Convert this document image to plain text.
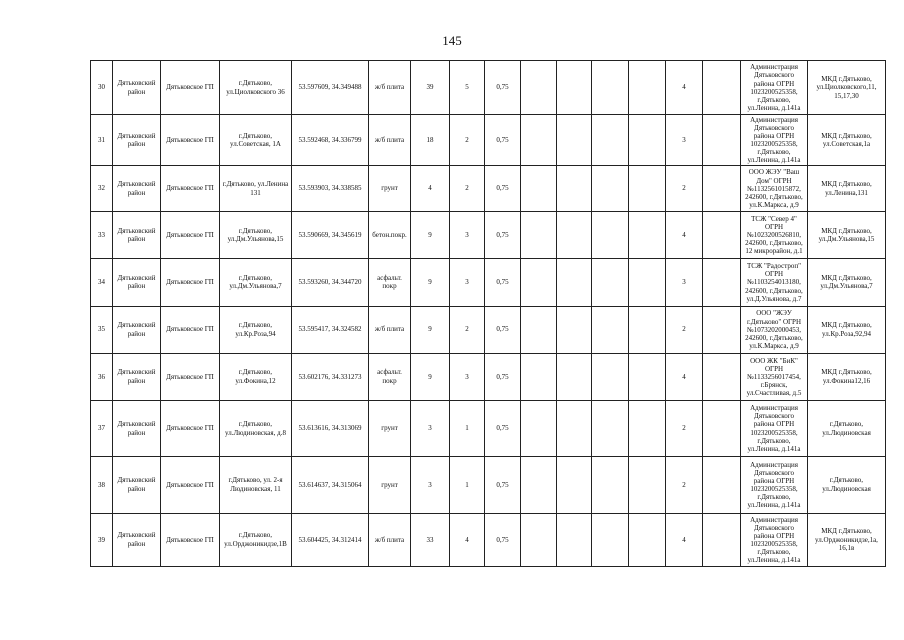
145
30	Дятьковский район	Дятьковское ГП	г.Дятьково, ул.Циолковского 36	53.597609, 34.349488	ж/б плита	39	5	0,75					4		Администрация Дятьковского района ОГРН 1023200525358, г.Дятьково, ул.Ленина, д.141а	МКД г.Дятьково, ул.Циолковского,11, 15,17,30
31	Дятьковский район	Дятьковское ГП	г.Дятьково, ул.Советская, 1А	53.592468, 34.336799	ж/б плита	18	2	0,75					3		Администрация Дятьковского района ОГРН 1023200525358, г.Дятьково, ул.Ленина, д.141а	МКД г.Дятьково, ул.Советская,1а
32	Дятьковский район	Дятьковское ГП	г.Дятьково, ул.Ленина 131	53.593903, 34.338585	грунт	4	2	0,75					2		ООО ЖЭУ "Ваш Дом" ОГРН №1132561015872, 242600, г.Дятьково, ул.К.Маркса, д.9	МКД г.Дятьково, ул.Ленина,131
33	Дятьковский район	Дятьковское ГП	г.Дятьково, ул.Дм.Ульянова,15	53.590669, 34.345619	бетон.покр.	9	3	0,75					4		ТСЖ "Север 4" ОГРН №1023200526810, 242600, г.Дятьково, 12 микрорайон, д.1	МКД г.Дятьково, ул.Дм.Ульянова,15
34	Дятьковский район	Дятьковское ГП	г.Дятьково, ул.Дм.Ульянова,7	53.593260, 34.344720	асфальт. покр	9	3	0,75					3		ТСЖ "Радостроп" ОГРН №1103254013180, 242600, г.Дятьково, ул.Д.Ульянова, д.7	МКД г.Дятьково, ул.Дм.Ульянова,7
35	Дятьковский район	Дятьковское ГП	г.Дятьково, ул.Кр.Роза,94	53.595417, 34.324582	ж/б плита	9	2	0,75					2		ООО "ЖЭУ г.Дятьково" ОГРН №1073202000453, 242600, г.Дятьково, ул.К.Маркса, д.9	МКД г.Дятьково, ул.Кр.Роза,92,94
36	Дятьковский район	Дятьковское ГП	г.Дятьково, ул.Фокина,12	53.602176, 34.331273	асфальт. покр	9	3	0,75					4		ООО ЖК "БиК" ОГРН №1133256017454, г.Брянск, ул.Счастливая, д.5	МКД г.Дятьково, ул.Фокина12,16
37	Дятьковский район	Дятьковское ГП	г.Дятьково, ул.Людиновская, д.8	53.613616, 34.313069	грунт	3	1	0,75					2		Администрация Дятьковского района ОГРН 1023200525358, г.Дятьково, ул.Ленина, д.141а	г.Дятьково, ул.Людиновская
38	Дятьковский район	Дятьковское ГП	г.Дятьково, ул. 2-я Людиновская, 11	53.614637, 34.315064	грунт	3	1	0,75					2		Администрация Дятьковского района ОГРН 1023200525358, г.Дятьково, ул.Ленина, д.141а	г.Дятьково, ул.Людиновская
39	Дятьковский район	Дятьковское ГП	г.Дятьково, ул.Орджоникидзе,1В	53.604425, 34.312414	ж/б плита	33	4	0,75					4		Администрация Дятьковского района ОГРН 1023200525358, г.Дятьково, ул.Ленина, д.141а	МКД г.Дятьково, ул.Орджоникидзе,1а, 16,1в
